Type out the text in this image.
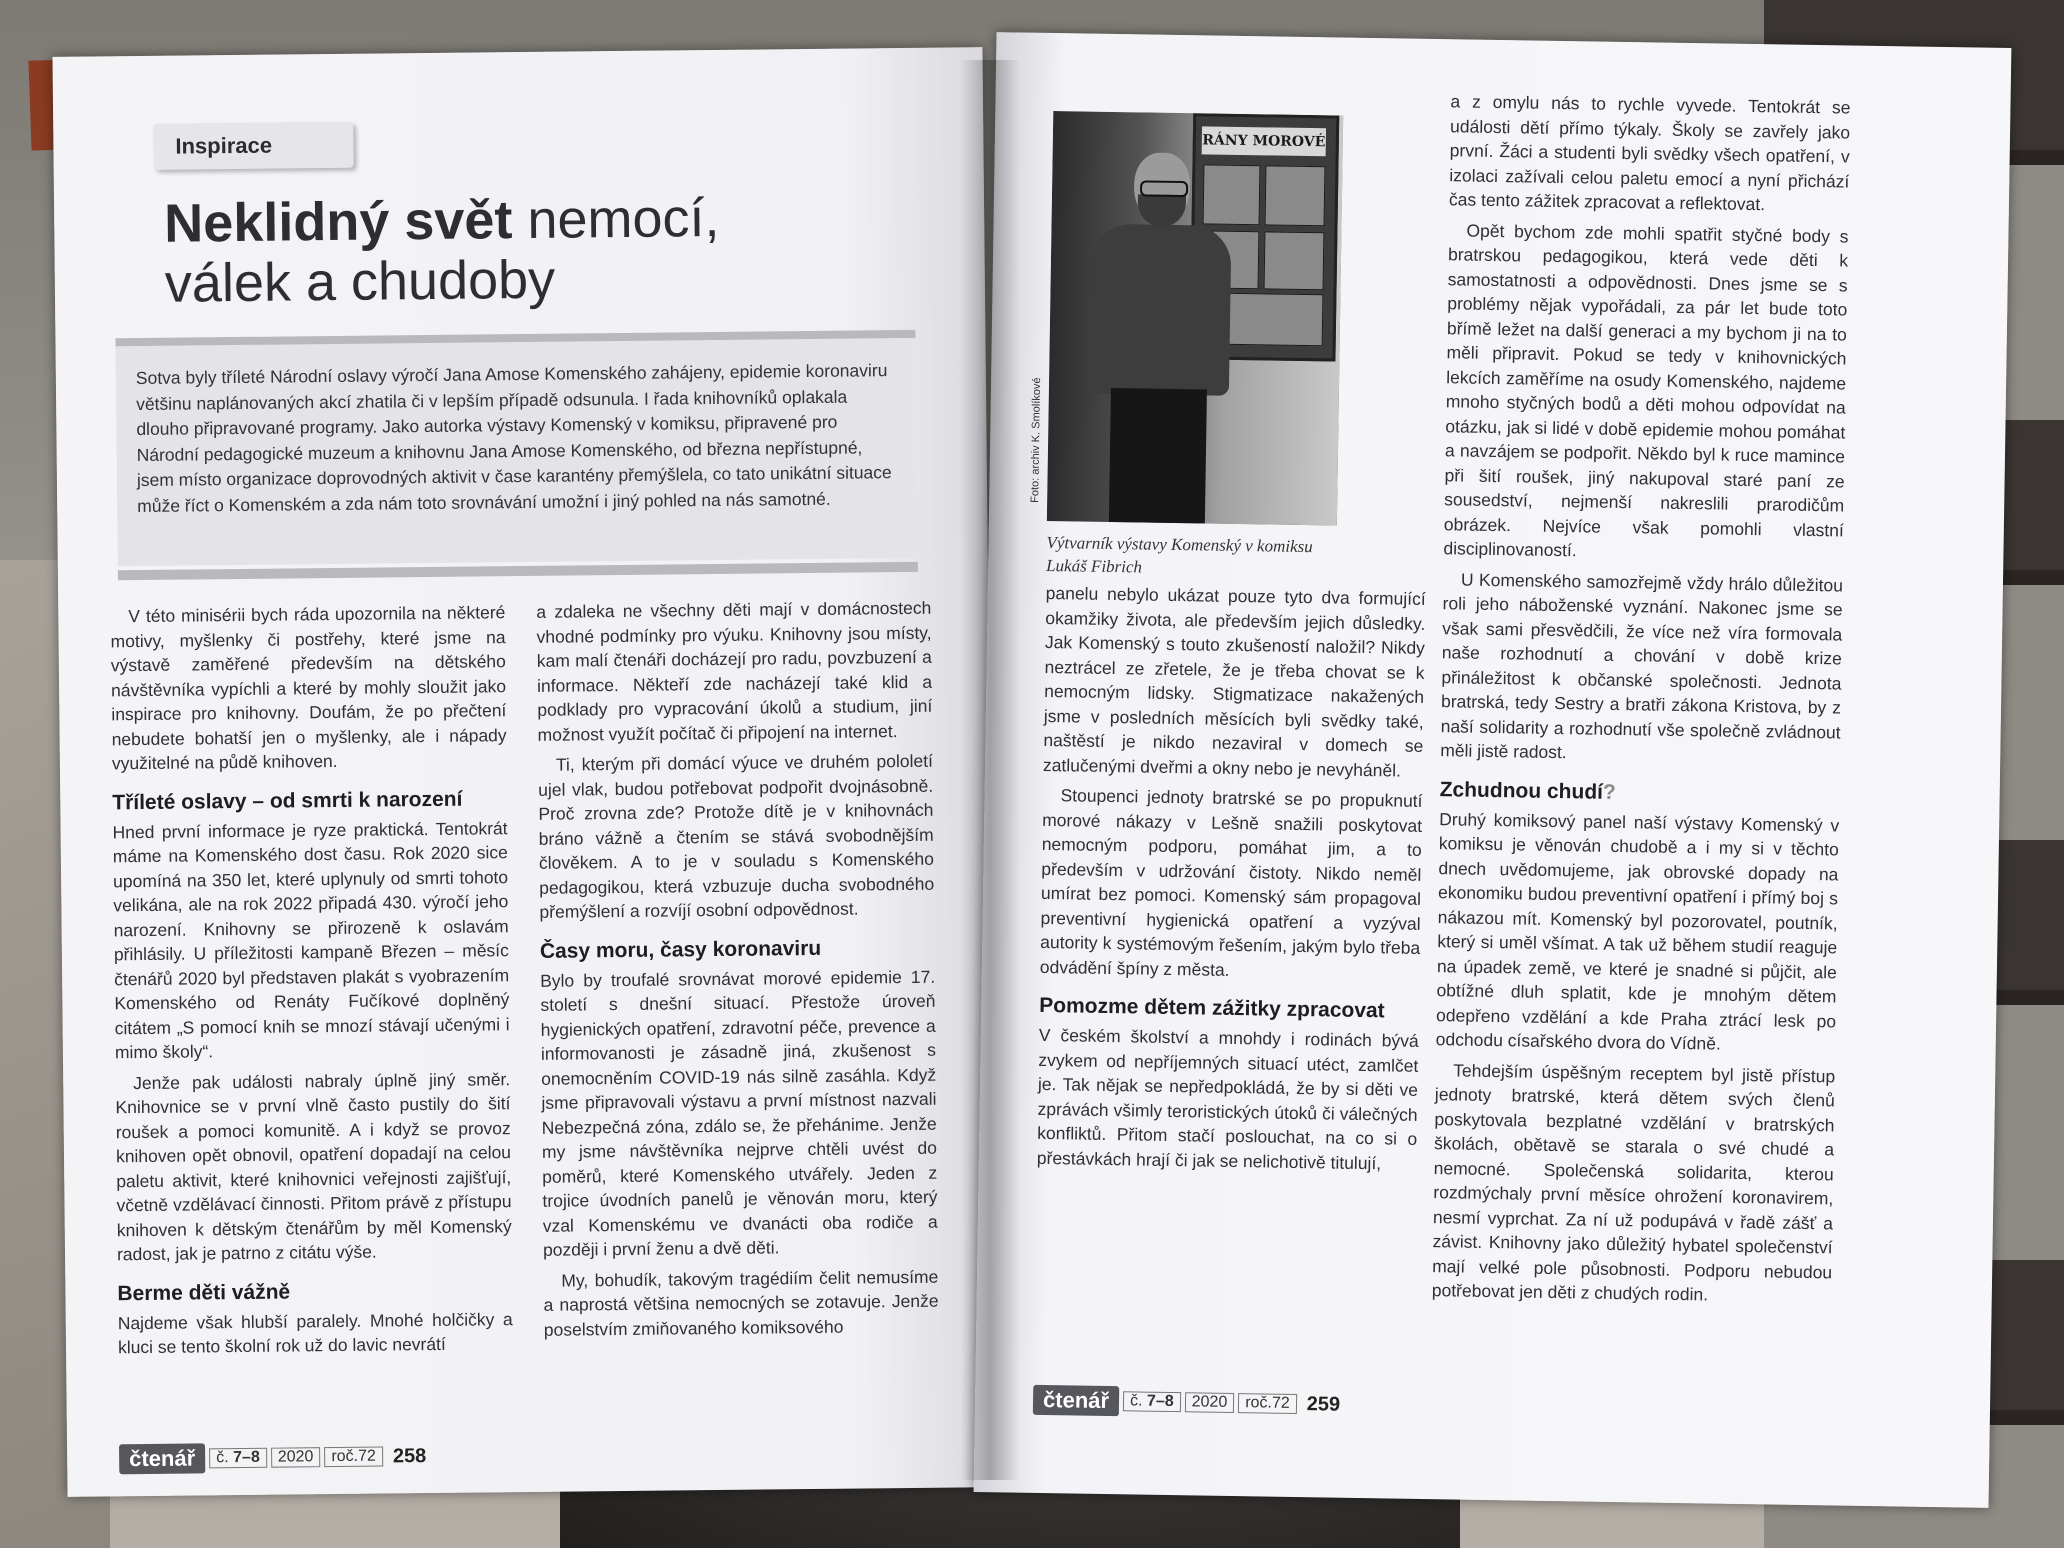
Inspirace
Neklidný svět nemocí,
válek a chudoby
Sotva byly tříleté Národní oslavy výročí Jana Amose Komenského zahájeny, epidemie koronaviru většinu naplánovaných akcí zhatila či v lepším případě odsunula. I řada knihovníků oplakala dlouho připravované programy. Jako autorka výstavy Komenský v komiksu, připravené pro Národní pedagogické muzeum a knihovnu Jana Amose Komenského, od března nepřístupné, jsem místo organizace doprovodných aktivit v čase karantény přemýšlela, co tato unikátní situace může říct o Komenském a zda nám toto srovnávání umožní i jiný pohled na nás samotné.

V této minisérii bych ráda upozornila na některé motivy, myšlenky či postřehy, které jsme na výstavě zaměřené především na dětského návštěvníka vypíchli a které by mohly sloužit jako inspirace pro knihovny. Doufám, že po přečtení nebudete bohatší jen o myšlenky, ale i nápady využitelné na půdě knihoven.

Tříleté oslavy – od smrti k narození

Hned první informace je ryze praktická. Tentokrát máme na Komenského dost času. Rok 2020 sice upomíná na 350 let, které uplynuly od smrti tohoto velikána, ale na rok 2022 připadá 430. výročí jeho narození. Knihovny se přirozeně k oslavám přihlásily. U příležitosti kampaně Březen – měsíc čtenářů 2020 byl představen plakát s vyobrazením Komenského od Renáty Fučíkové doplněný citátem „S pomocí knih se mnozí stávají učenými i mimo školy“.

Jenže pak události nabraly úplně jiný směr. Knihovnice se v první vlně často pustily do šití roušek a pomoci komunitě. A i když se provoz knihoven opět obnovil, opatření dopadají na celou paletu aktivit, které knihovnici veřejnosti zajišťují, včetně vzdělávací činnosti. Přitom právě z přístupu knihoven k dětským čtenářům by měl Komenský radost, jak je patrno z citátu výše.

Berme děti vážně

Najdeme však hlubší paralely. Mnohé holčičky a kluci se tento školní rok už do lavic nevrátí

a zdaleka ne všechny děti mají v domácnostech vhodné podmínky pro výuku. Knihovny jsou místy, kam malí čtenáři docházejí pro radu, povzbuzení a informace. Někteří zde nacházejí také klid a podklady pro vypracování úkolů a studium, jiní možnost využít počítač či připojení na internet.

Ti, kterým při domácí výuce ve druhém pololetí ujel vlak, budou potřebovat podpořit dvojnásobně. Proč zrovna zde? Protože dítě je v knihovnách bráno vážně a čtením se stává svobodnějším člověkem. A to je v souladu s Komenského pedagogikou, která vzbuzuje ducha svobodného přemýšlení a rozvíjí osobní odpovědnost.

Časy moru, časy koronaviru

Bylo by troufalé srovnávat morové epidemie 17. století s dnešní situací. Přestože úroveň hygienických opatření, zdravotní péče, prevence a informovanosti je zásadně jiná, zkušenost s onemocněním COVID-19 nás silně zasáhla. Když jsme připravovali výstavu a první místnost nazvali Nebezpečná zóna, zdálo se, že přehánime. Jenže my jsme návštěvníka nejprve chtěli uvést do poměrů, které Komenského utvářely. Jeden z trojice úvodních panelů je věnován moru, který vzal Komenskému ve dvanácti oba rodiče a později i první ženu a dvě děti.

My, bohudík, takovým tragédiím čelit nemusíme a naprostá většina nemocných se zotavuje. Jenže poselstvím zmiňovaného komiksového

čtenář	č. 7–8	2020	roč.72 258
RÁNY MOROVÉ
Foto: archiv K. Smolíkové
Výtvarník výstavy Komenský v komiksu
Lukáš Fibrich

panelu nebylo ukázat pouze tyto dva formující okamžiky života, ale především jejich důsledky. Jak Komenský s touto zkušeností naložil? Nikdy neztrácel ze zřetele, že je třeba chovat se k nemocným lidsky. Stigmatizace nakažených jsme v posledních měsících byli svědky také, naštěstí je nikdo nezaviral v domech se zatlučenými dveřmi a okny nebo je nevyháněl.

Stoupenci jednoty bratrské se po propuknutí morové nákazy v Lešně snažili poskytovat nemocným podporu, pomáhat jim, a to především v udržování čistoty. Nikdo neměl umírat bez pomoci. Komenský sám propagoval preventivní hygienická opatření a vyzýval autority k systémovým řešením, jakým bylo třeba odvádění špíny z města.

Pomozme dětem zážitky zpracovat

V českém školství a mnohdy i rodinách bývá zvykem od nepříjemných situací utéct, zamlčet je. Tak nějak se nepředpokládá, že by si děti ve zprávách všimly teroristických útoků či válečných konfliktů. Přitom stačí poslouchat, na co si o přestávkách hrají či jak se nelichotivě titulují,

a z omylu nás to rychle vyvede. Tentokrát se události dětí přímo týkaly. Školy se zavřely jako první. Žáci a studenti byli svědky všech opatření, v izolaci zažívali celou paletu emocí a nyní přichází čas tento zážitek zpracovat a reflektovat.

Opět bychom zde mohli spatřit styčné body s bratrskou pedagogikou, která vede děti k samostatnosti a odpovědnosti. Dnes jsme se s problémy nějak vypořádali, za pár let bude toto břímě ležet na další generaci a my bychom ji na to měli připravit. Pokud se tedy v knihovnických lekcích zaměříme na osudy Komenského, najdeme mnoho styčných bodů a děti mohou odpovídat na otázku, jak si lidé v době epidemie mohou pomáhat a navzájem se podpořit. Někdo byl k ruce mamince při šití roušek, jiný nakupoval staré paní ze sousedství, nejmenší nakreslili prarodičům obrázek. Nejvíce však pomohli vlastní disciplinovaností.

U Komenského samozřejmě vždy hrálo důležitou roli jeho náboženské vyznání. Nakonec jsme se však sami přesvědčili, že více než víra formovala naše rozhodnutí a chování v době krize přináležitost k občanské společnosti. Jednota bratrská, tedy Sestry a bratři zákona Kristova, by z naší solidarity a rozhodnutí vše společně zvládnout měli jistě radost.

Zchudnou chudí?

Druhý komiksový panel naší výstavy Komenský v komiksu je věnován chudobě a i my si v těchto dnech uvědomujeme, jak obrovské dopady na ekonomiku budou preventivní opatření i přímý boj s nákazou mít. Komenský byl pozorovatel, poutník, který si uměl všímat. A tak už během studií reaguje na úpadek země, ve které je snadné si půjčit, ale obtížné dluh splatit, kde je mnohým dětem odepřeno vzdělání a kde Praha ztrácí lesk po odchodu císařského dvora do Vídně.

Tehdejším úspěšným receptem byl jistě přístup jednoty bratrské, která dětem svých členů poskytovala bezplatné vzdělání v bratrských školách, obětavě se starala o své chudé a nemocné. Společenská solidarita, kterou rozdmýchaly první měsíce ohrožení koronavirem, nesmí vyprchat. Za ní už podupává v řadě zášť a závist. Knihovny jako důležitý hybatel společenství mají velké pole působnosti. Podporu nebudou potřebovat jen děti z chudých rodin.

čtenář	č. 7–8	2020	roč.72 259
